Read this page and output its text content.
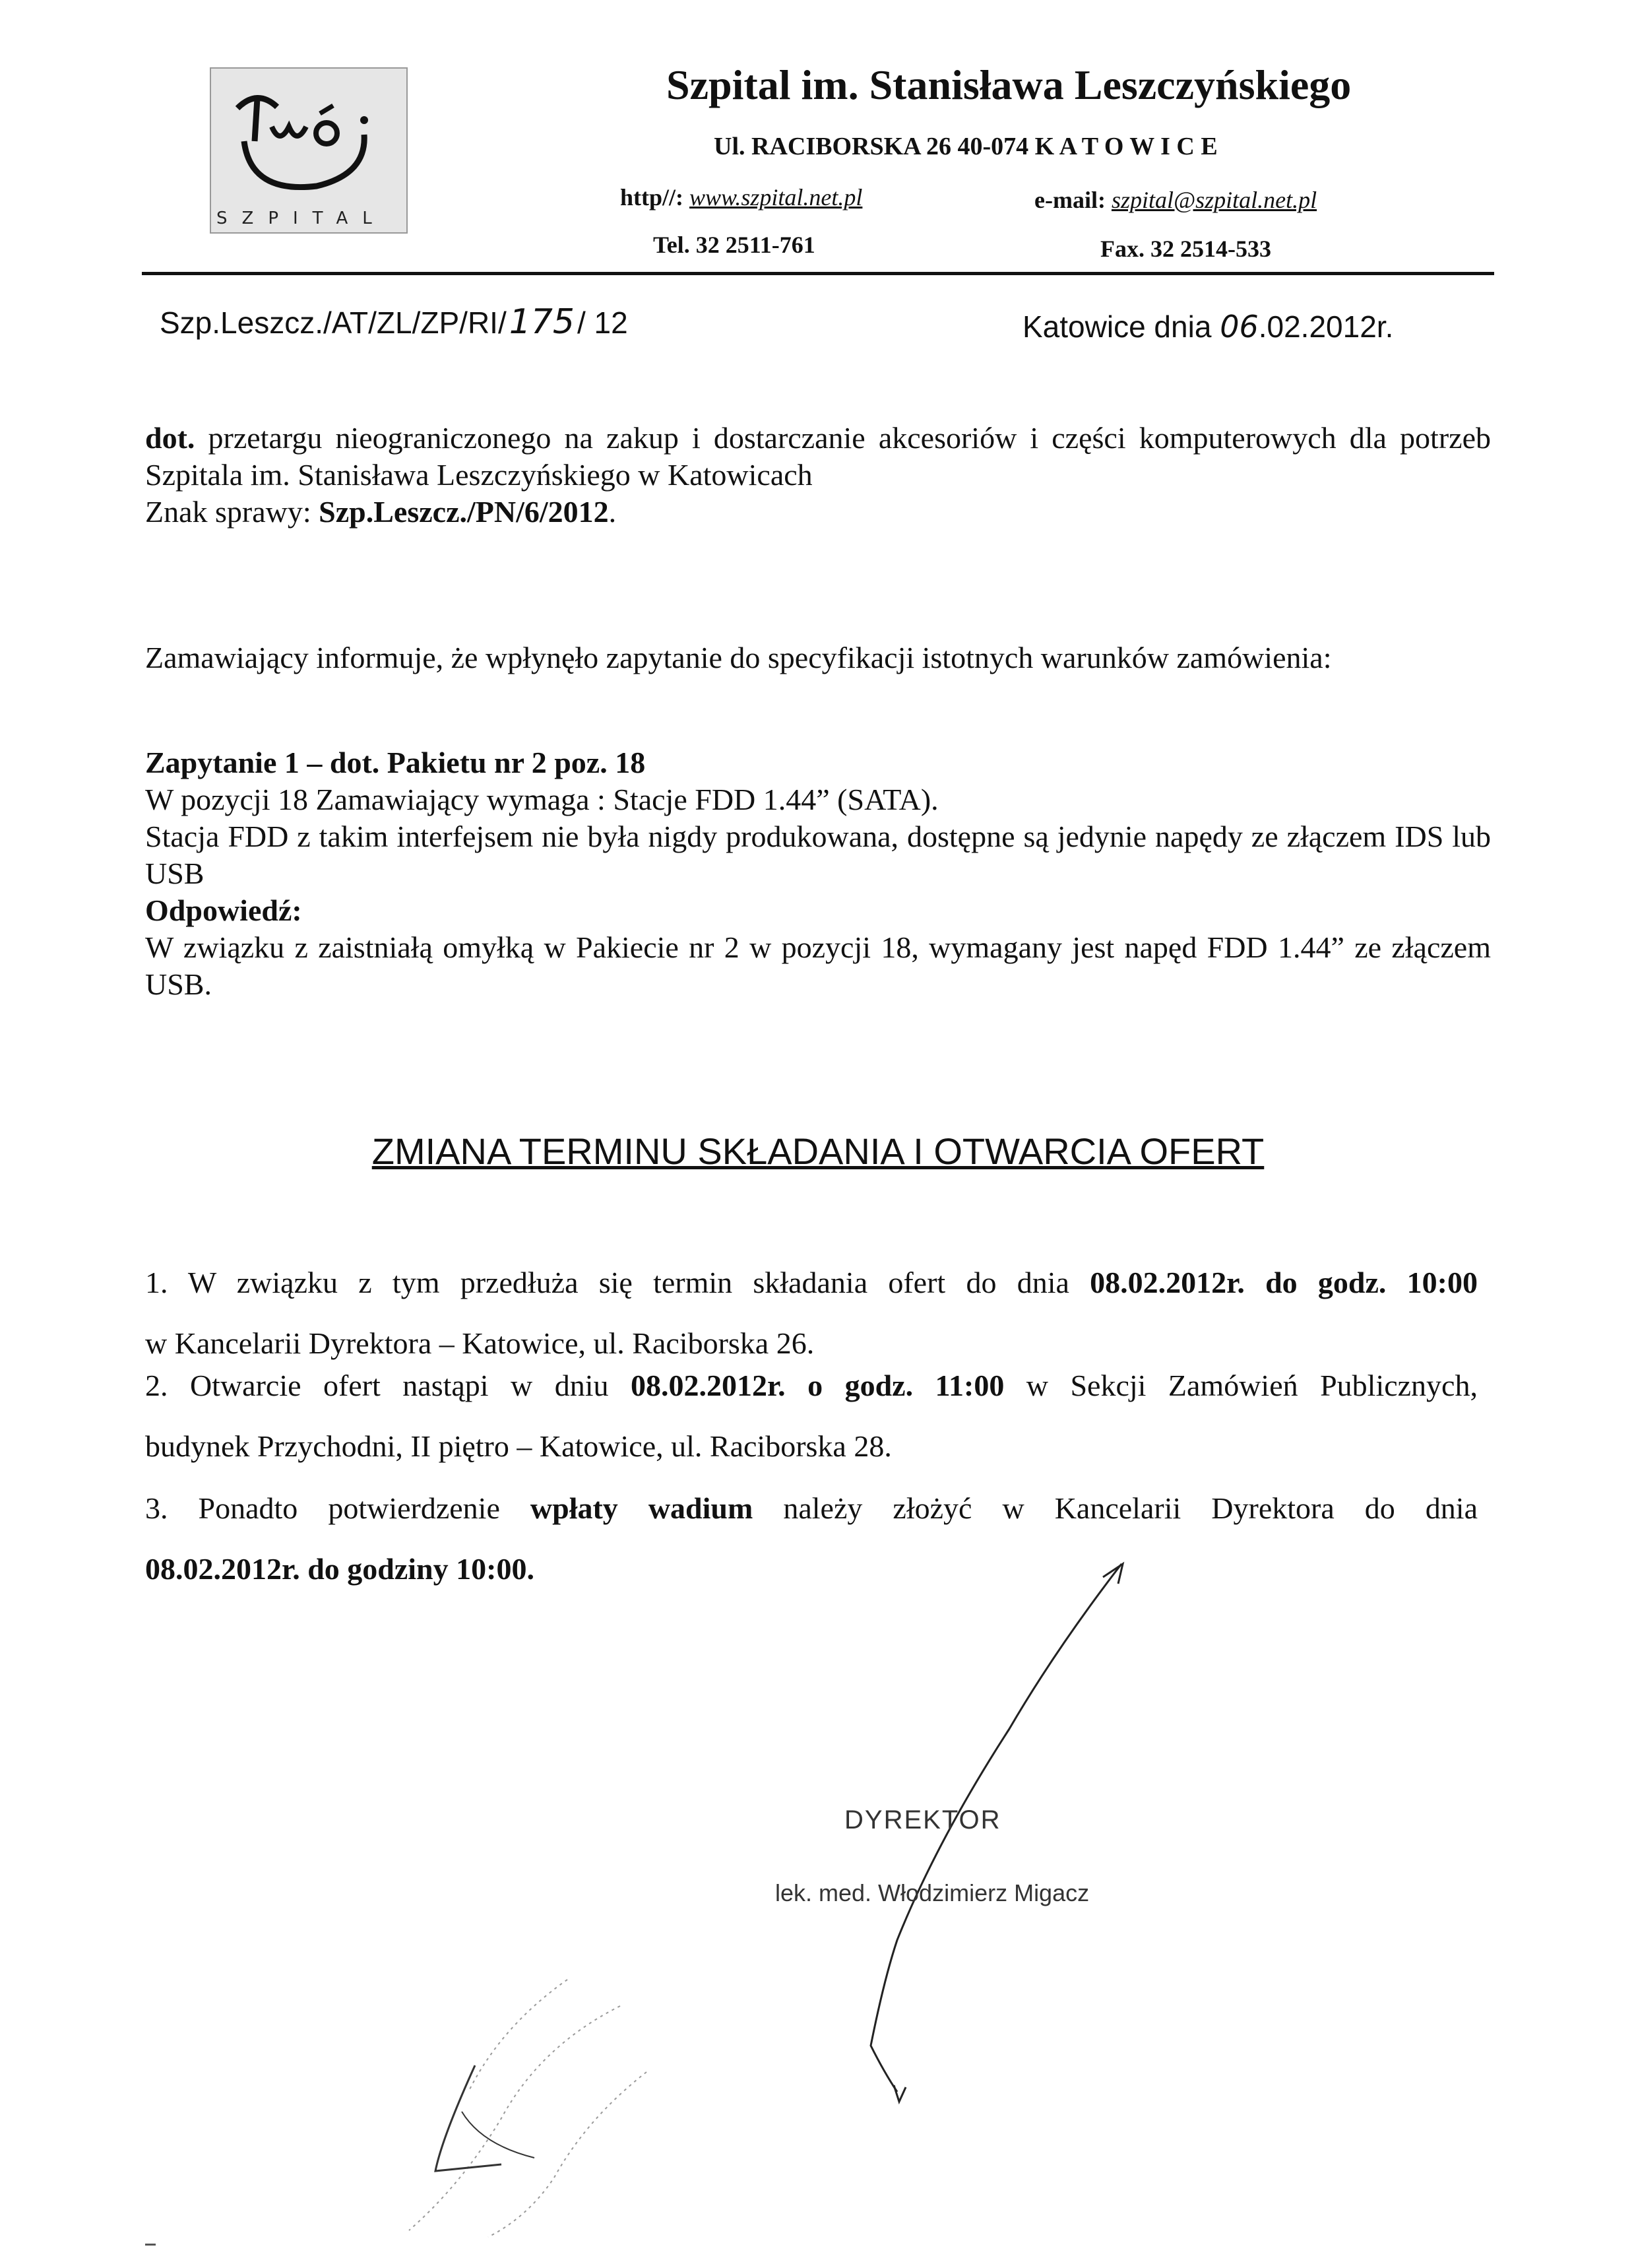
SZPITAL
Szpital im. Stanisława Leszczyńskiego
Ul. RACIBORSKA 26 40-074 K A T O W I C E
http//: www.szpital.net.pl	e-mail: szpital@szpital.net.pl
Tel. 32 2511-761	Fax. 32 2514-533
Szp.Leszcz./AT/ZL/ZP/RI/175/ 12	Katowice dnia 06.02.2012r.
dot. przetargu nieograniczonego na zakup i dostarczanie akcesoriów i części komputerowych dla potrzeb Szpitala im. Stanisława Leszczyńskiego w Katowicach
Znak sprawy: Szp.Leszcz./PN/6/2012.
Zamawiający informuje, że wpłynęło zapytanie do specyfikacji istotnych warunków zamówienia:
Zapytanie 1 – dot. Pakietu nr 2 poz. 18
W pozycji 18 Zamawiający wymaga : Stacje FDD 1.44” (SATA).
Stacja FDD z takim interfejsem nie była nigdy produkowana, dostępne są jedynie napędy ze złączem IDS lub USB
Odpowiedź:
W związku z zaistniałą omyłką w Pakiecie nr 2 w pozycji 18, wymagany jest napęd FDD 1.44” ze złączem USB.
ZMIANA TERMINU SKŁADANIA I OTWARCIA OFERT

1. W związku z tym przedłuża się termin składania ofert do dnia 08.02.2012r. do godz. 10:00

w Kancelarii Dyrektora – Katowice, ul. Raciborska 26.

2. Otwarcie ofert nastąpi w dniu 08.02.2012r. o godz. 11:00 w Sekcji Zamówień Publicznych,

budynek Przychodni, II piętro – Katowice, ul. Raciborska 28.

3. Ponadto potwierdzenie wpłaty wadium należy złożyć w Kancelarii Dyrektora do dnia

08.02.2012r. do godziny 10:00.

DYREKTOR
lek. med. Włodzimierz Migacz
